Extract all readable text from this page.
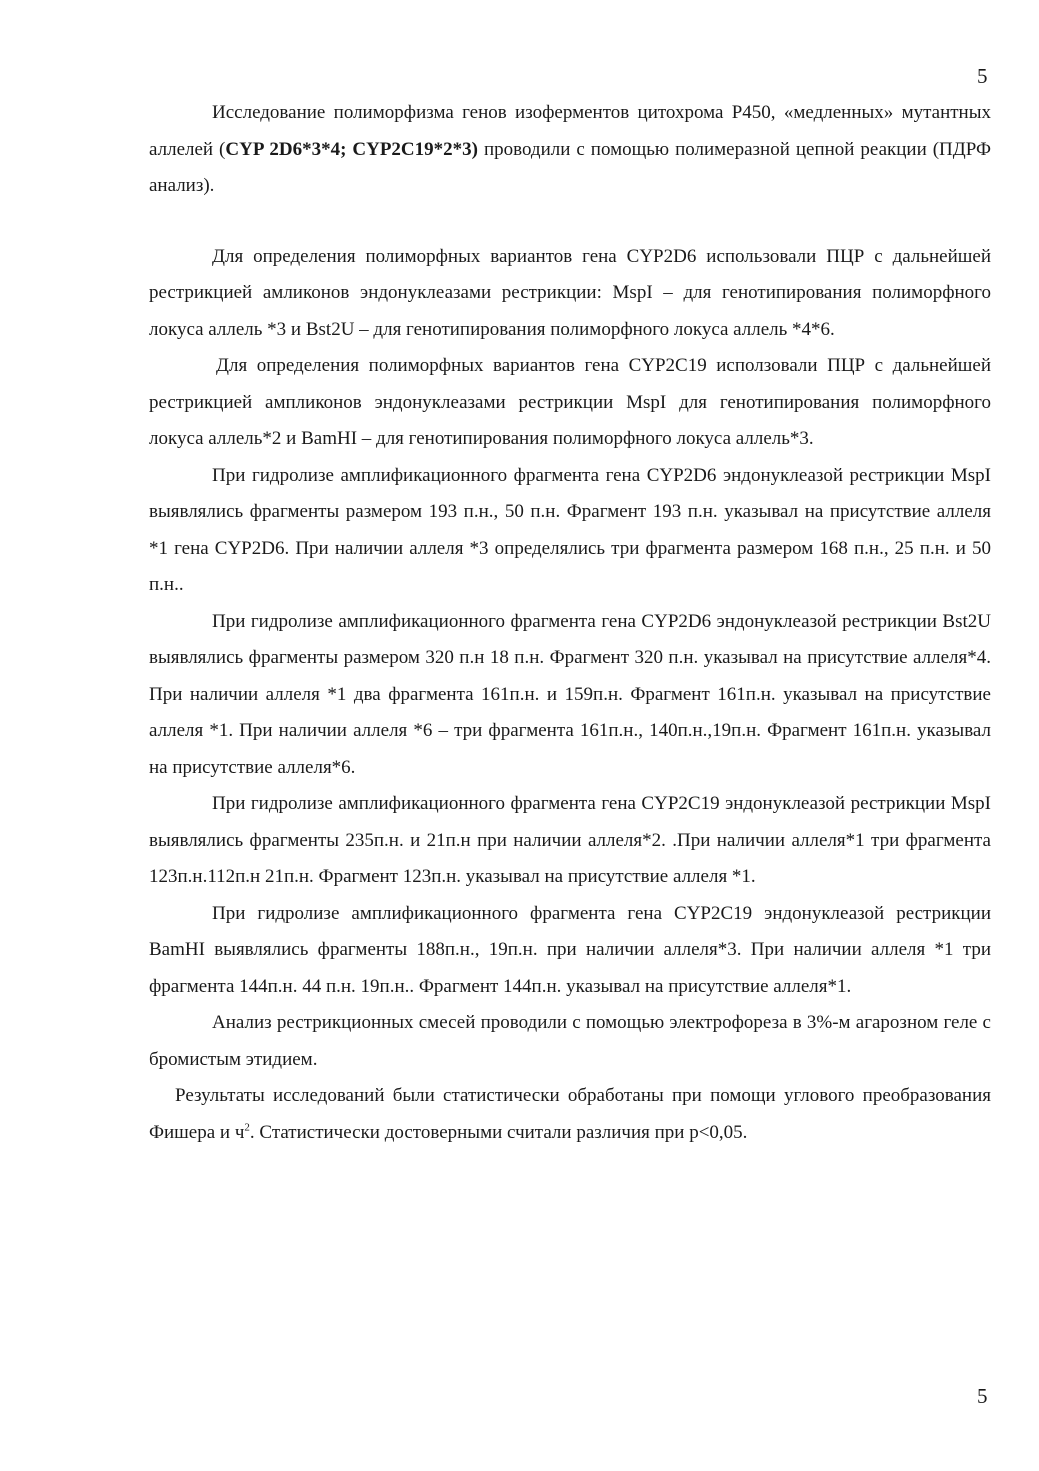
5

Исследование полиморфизма генов изоферментов цитохрома Р450, «медленных» мутантных аллелей (CYP 2D6*3*4; CYP2C19*2*3) проводили с помощью полимеразной цепной реакции (ПДРФ анализ).

Для определения полиморфных вариантов гена CYP2D6 использовали ПЦР с дальнейшей рестрикцией амликонов эндонуклеазами рестрикции: MspI – для генотипирования полиморфного локуса аллель *3 и Bst2U – для генотипирования полиморфного локуса аллель *4*6.

Для определения полиморфных вариантов гена CYP2C19 исползовали ПЦР с дальнейшей рестрикцией ампликонов эндонуклеазами рестрикции MspI для генотипирования полиморфного локуса аллель*2 и BamHI – для генотипирования полиморфного локуса аллель*3.

При гидролизе амплификационного фрагмента гена CYP2D6 эндонуклеазой рестрикции MspI выявлялись фрагменты размером 193 п.н., 50 п.н. Фрагмент 193 п.н. указывал на присутствие аллеля *1 гена CYP2D6. При наличии аллеля *3 определялись три фрагмента размером 168 п.н., 25 п.н. и 50 п.н..

При гидролизе амплификационного фрагмента гена CYP2D6 эндонуклеазой рестрикции Bst2U выявлялись фрагменты размером 320 п.н 18 п.н. Фрагмент 320 п.н. указывал на присутствие аллеля*4. При наличии аллеля *1 два фрагмента 161п.н. и 159п.н. Фрагмент 161п.н. указывал на присутствие аллеля *1. При наличии аллеля *6 – три фрагмента 161п.н., 140п.н.,19п.н. Фрагмент 161п.н. указывал на присутствие аллеля*6.

При гидролизе амплификационного фрагмента гена CYP2C19 эндонуклеазой рестрикции MspI выявлялись фрагменты 235п.н. и 21п.н при наличии аллеля*2. .При наличии аллеля*1 три фрагмента 123п.н.112п.н 21п.н. Фрагмент 123п.н. указывал на присутствие аллеля *1.

При гидролизе амплификационного фрагмента гена CYP2C19 эндонуклеазой рестрикции BamHI выявлялись фрагменты 188п.н., 19п.н. при наличии аллеля*3. При наличии аллеля *1 три фрагмента 144п.н. 44 п.н. 19п.н.. Фрагмент 144п.н. указывал на присутствие аллеля*1.

Анализ рестрикционных смесей проводили с помощью электрофореза в 3%-м агарозном геле с бромистым этидием.

Результаты исследований были статистически обработаны при помощи углового преобразования Фишера и $ч^2$. Статистически достоверными считали различия при p<0,05.

5
